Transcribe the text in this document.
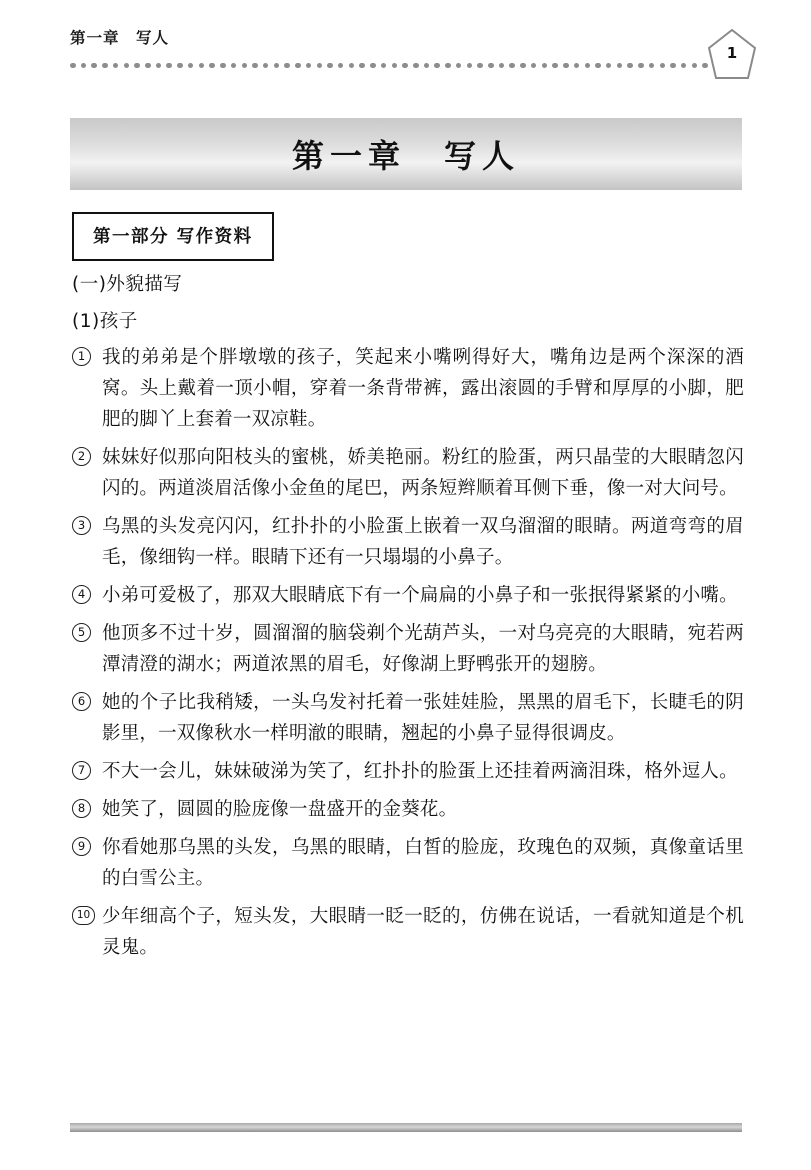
第一章　写人
1
第一章　写人
第一部分 写作资料

(一)外貌描写

(1)孩子

1 我的弟弟是个胖墩墩的孩子，笑起来小嘴咧得好大，嘴角边是两个深深的酒窝。头上戴着一顶小帽，穿着一条背带裤，露出滚圆的手臂和厚厚的小脚，肥肥的脚丫上套着一双凉鞋。
2 妹妹好似那向阳枝头的蜜桃，娇美艳丽。粉红的脸蛋，两只晶莹的大眼睛忽闪闪的。两道淡眉活像小金鱼的尾巴，两条短辫顺着耳侧下垂，像一对大问号。
3 乌黑的头发亮闪闪，红扑扑的小脸蛋上嵌着一双乌溜溜的眼睛。两道弯弯的眉毛，像细钩一样。眼睛下还有一只塌塌的小鼻子。
4 小弟可爱极了，那双大眼睛底下有一个扁扁的小鼻子和一张抿得紧紧的小嘴。
5 他顶多不过十岁，圆溜溜的脑袋剃个光葫芦头，一对乌亮亮的大眼睛，宛若两潭清澄的湖水；两道浓黑的眉毛，好像湖上野鸭张开的翅膀。
6 她的个子比我稍矮，一头乌发衬托着一张娃娃脸，黑黑的眉毛下，长睫毛的阴影里，一双像秋水一样明澈的眼睛，翘起的小鼻子显得很调皮。
7 不大一会儿，妹妹破涕为笑了，红扑扑的脸蛋上还挂着两滴泪珠，格外逗人。
8 她笑了，圆圆的脸庞像一盘盛开的金葵花。
9 你看她那乌黑的头发，乌黑的眼睛，白皙的脸庞，玫瑰色的双频，真像童话里的白雪公主。
10 少年细高个子，短头发，大眼睛一眨一眨的，仿佛在说话，一看就知道是个机灵鬼。
